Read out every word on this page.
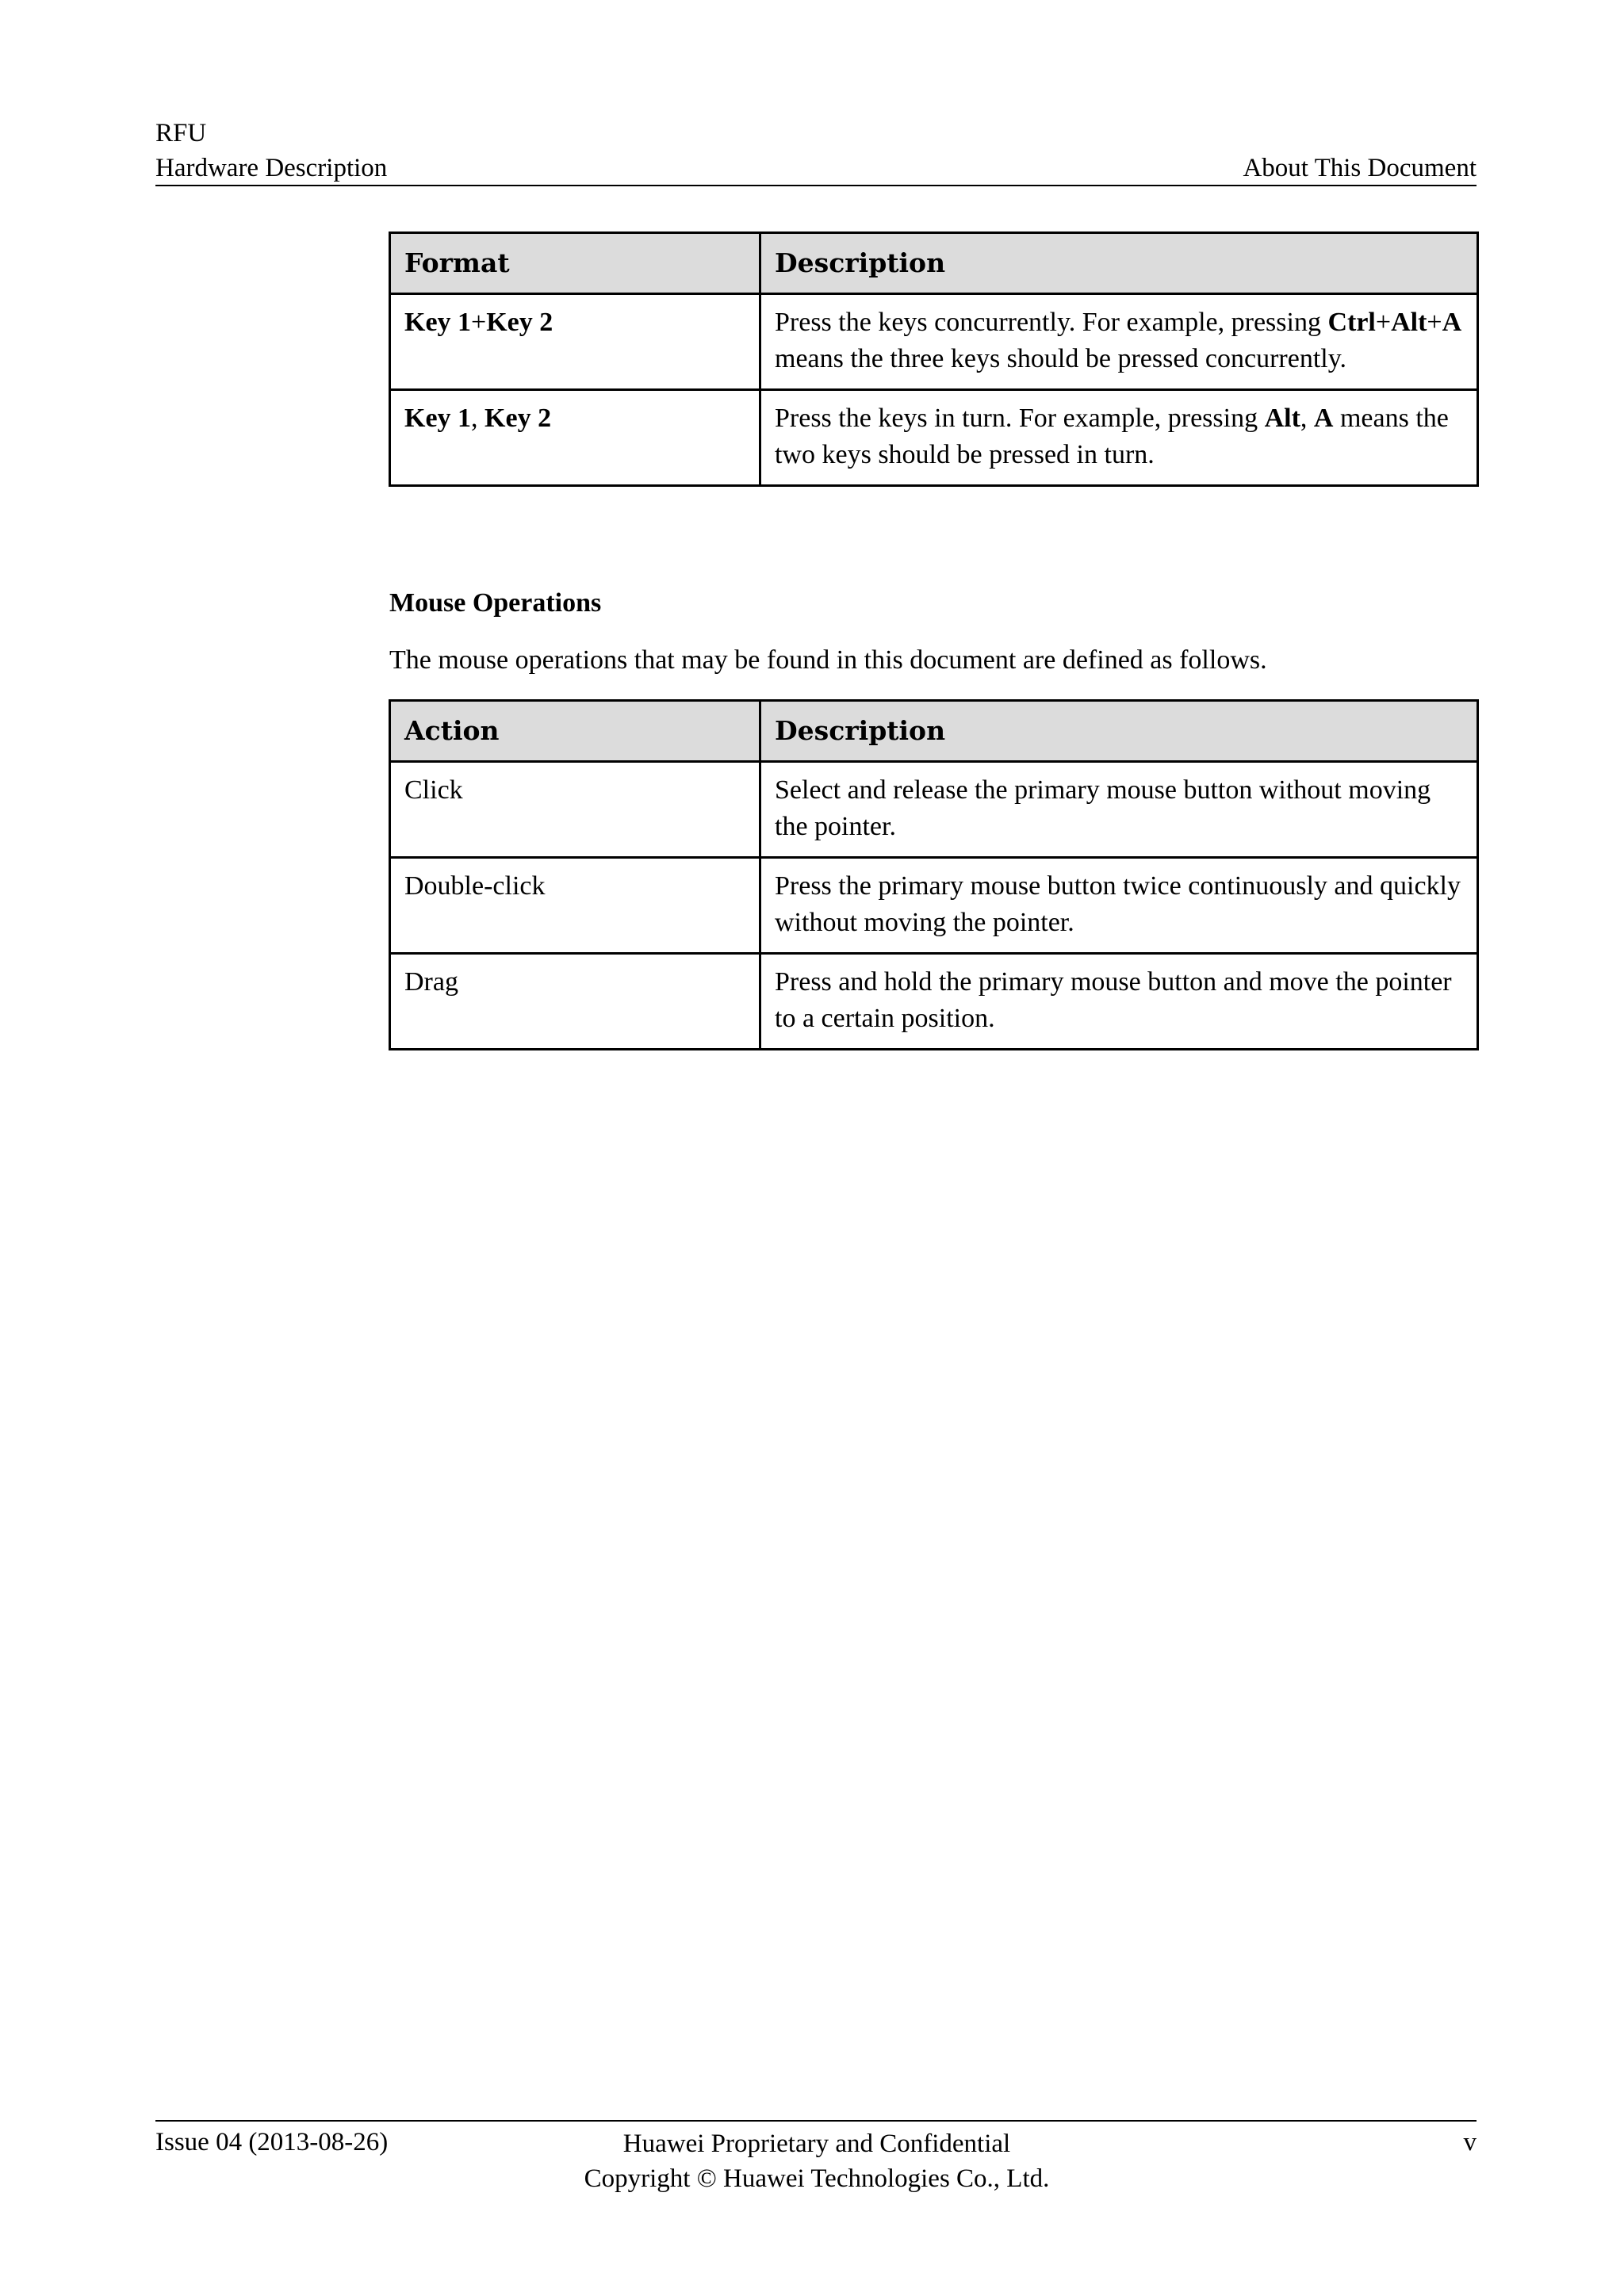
RFU
Hardware Description	About This Document
Format	Description
Key 1+Key 2	Press the keys concurrently. For example, pressing Ctrl+Alt+A means the three keys should be pressed concurrently.
Key 1, Key 2	Press the keys in turn. For example, pressing Alt, A means the two keys should be pressed in turn.
Mouse Operations
The mouse operations that may be found in this document are defined as follows.
Action	Description
Click	Select and release the primary mouse button without moving the pointer.
Double-click	Press the primary mouse button twice continuously and quickly without moving the pointer.
Drag	Press and hold the primary mouse button and move the pointer to a certain position.
Issue 04 (2013-08-26)	Huawei Proprietary and Confidential
Copyright © Huawei Technologies Co., Ltd.
v
